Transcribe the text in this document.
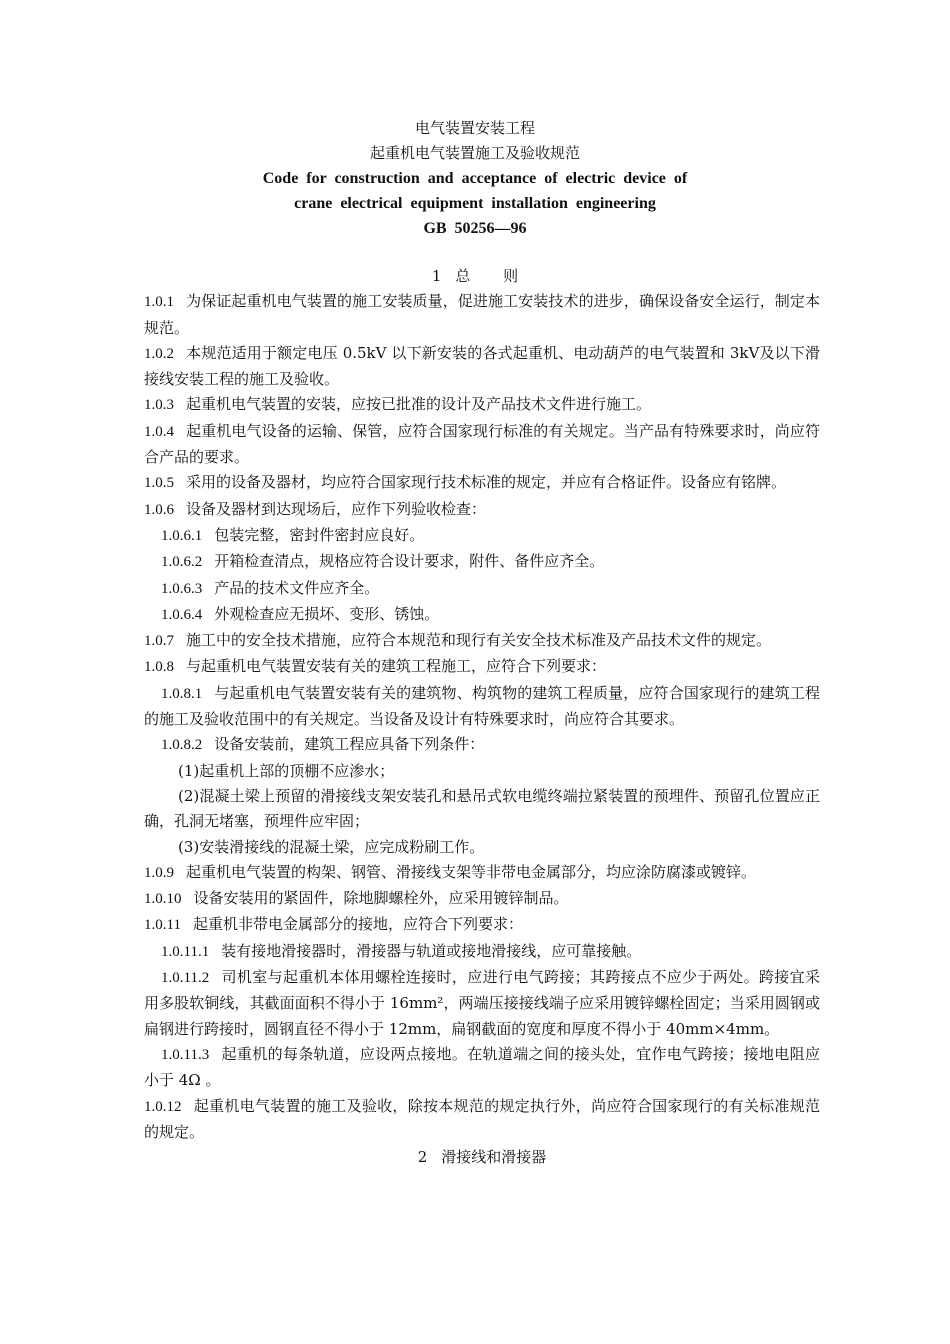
电气装置安装工程
起重机电气装置施工及验收规范
Code for construction and acceptance of electric device of
crane electrical equipment installation engineering
GB 50256—96

1 总 则

1.0.1 为保证起重机电气装置的施工安装质量，促进施工安装技术的进步，确保设备安全运行，制定本规范。

1.0.2 本规范适用于额定电压 0.5kV 以下新安装的各式起重机、电动葫芦的电气装置和 3kV及以下滑接线安装工程的施工及验收。

1.0.3 起重机电气装置的安装，应按已批准的设计及产品技术文件进行施工。

1.0.4 起重机电气设备的运输、保管，应符合国家现行标准的有关规定。当产品有特殊要求时，尚应符合产品的要求。

1.0.5 采用的设备及器材，均应符合国家现行技术标准的规定，并应有合格证件。设备应有铭牌。

1.0.6 设备及器材到达现场后，应作下列验收检查：

1.0.6.1 包装完整，密封件密封应良好。

1.0.6.2 开箱检查清点，规格应符合设计要求，附件、备件应齐全。

1.0.6.3 产品的技术文件应齐全。

1.0.6.4 外观检查应无损坏、变形、锈蚀。

1.0.7 施工中的安全技术措施，应符合本规范和现行有关安全技术标准及产品技术文件的规定。

1.0.8 与起重机电气装置安装有关的建筑工程施工，应符合下列要求：

1.0.8.1 与起重机电气装置安装有关的建筑物、构筑物的建筑工程质量，应符合国家现行的建筑工程的施工及验收范围中的有关规定。当设备及设计有特殊要求时，尚应符合其要求。

1.0.8.2 设备安装前，建筑工程应具备下列条件：

(1)起重机上部的顶棚不应渗水；

(2)混凝土梁上预留的滑接线支架安装孔和悬吊式软电缆终端拉紧装置的预埋件、预留孔位置应正确，孔洞无堵塞，预埋件应牢固；

(3)安装滑接线的混凝土梁，应完成粉刷工作。

1.0.9 起重机电气装置的构架、钢管、滑接线支架等非带电金属部分，均应涂防腐漆或镀锌。

1.0.10 设备安装用的紧固件，除地脚螺栓外，应采用镀锌制品。

1.0.11 起重机非带电金属部分的接地，应符合下列要求：

1.0.11.1 装有接地滑接器时，滑接器与轨道或接地滑接线，应可靠接触。

1.0.11.2 司机室与起重机本体用螺栓连接时，应进行电气跨接；其跨接点不应少于两处。跨接宜采用多股软铜线，其截面面积不得小于 16mm²，两端压接接线端子应采用镀锌螺栓固定；当采用圆钢或扁钢进行跨接时，圆钢直径不得小于 12mm，扁钢截面的宽度和厚度不得小于 40mm×4mm。

1.0.11.3 起重机的每条轨道，应设两点接地。在轨道端之间的接头处，宜作电气跨接；接地电阻应小于 4Ω 。

1.0.12 起重机电气装置的施工及验收，除按本规范的规定执行外，尚应符合国家现行的有关标准规范的规定。

2 滑接线和滑接器
